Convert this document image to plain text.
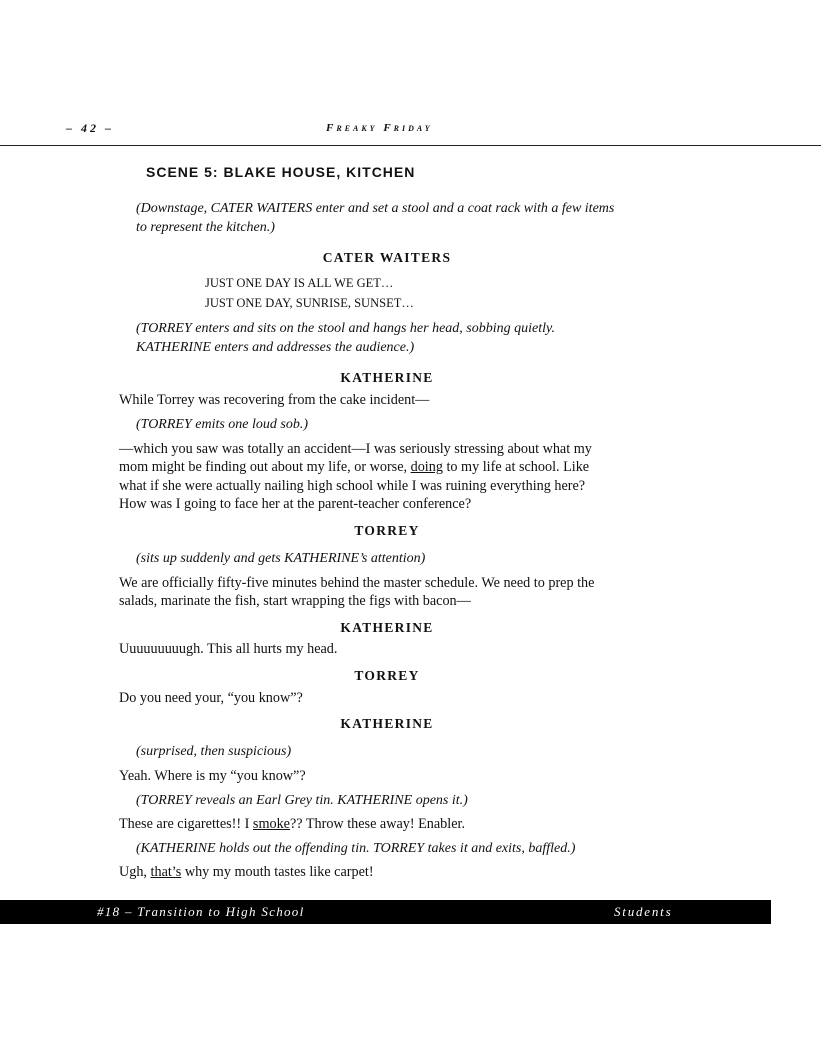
– 42 –	Freaky Friday
SCENE 5: BLAKE HOUSE, KITCHEN
(Downstage, CATER WAITERS enter and set a stool and a coat rack with a few items
to represent the kitchen.)
CATER WAITERS
JUST ONE DAY IS ALL WE GET…
JUST ONE DAY, SUNRISE, SUNSET…
(TORREY enters and sits on the stool and hangs her head, sobbing quietly.
KATHERINE enters and addresses the audience.)
KATHERINE
While Torrey was recovering from the cake incident—
(TORREY emits one loud sob.)
—which you saw was totally an accident—I was seriously stressing about what my
mom might be finding out about my life, or worse, doing to my life at school. Like
what if she were actually nailing high school while I was ruining everything here?
How was I going to face her at the parent-teacher conference?
TORREY
(sits up suddenly and gets KATHERINE’s attention)
We are officially fifty-five minutes behind the master schedule. We need to prep the
salads, marinate the fish, start wrapping the figs with bacon—
KATHERINE
Uuuuuuuuugh. This all hurts my head.
TORREY
Do you need your, “you know”?
KATHERINE
(surprised, then suspicious)
Yeah. Where is my “you know”?
(TORREY reveals an Earl Grey tin. KATHERINE opens it.)
These are cigarettes!! I smoke?? Throw these away! Enabler.
(KATHERINE holds out the offending tin. TORREY takes it and exits, baffled.)
Ugh, that’s why my mouth tastes like carpet!
#18 – Transition to High School	Students
